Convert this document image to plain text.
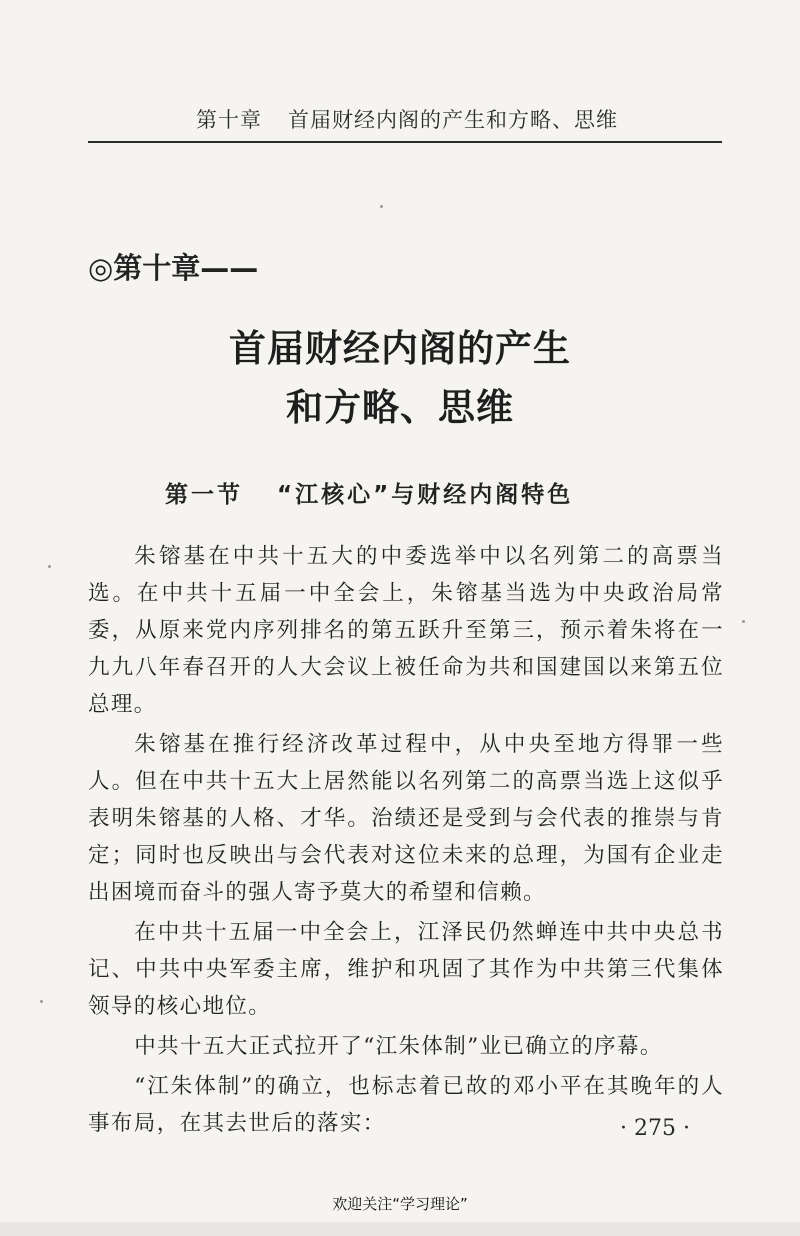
第十章 首届财经内阁的产生和方略、思维
◎第十章——
首届财经内阁的产生
和方略、思维
第一节 “江核心”与财经内阁特色

朱镕基在中共十五大的中委选举中以名列第二的高票当选。在中共十五届一中全会上，朱镕基当选为中央政治局常委，从原来党内序列排名的第五跃升至第三，预示着朱将在一九九八年春召开的人大会议上被任命为共和国建国以来第五位总理。

朱镕基在推行经济改革过程中，从中央至地方得罪一些人。但在中共十五大上居然能以名列第二的高票当选上这似乎表明朱镕基的人格、才华。治绩还是受到与会代表的推崇与肯定；同时也反映出与会代表对这位未来的总理，为国有企业走出困境而奋斗的强人寄予莫大的希望和信赖。

在中共十五届一中全会上，江泽民仍然蝉连中共中央总书记、中共中央军委主席，维护和巩固了其作为中共第三代集体领导的核心地位。

中共十五大正式拉开了“江朱体制”业已确立的序幕。

“江朱体制”的确立，也标志着已故的邓小平在其晚年的人事布局，在其去世后的落实：	· 275 ·
欢迎关注“学习理论”
